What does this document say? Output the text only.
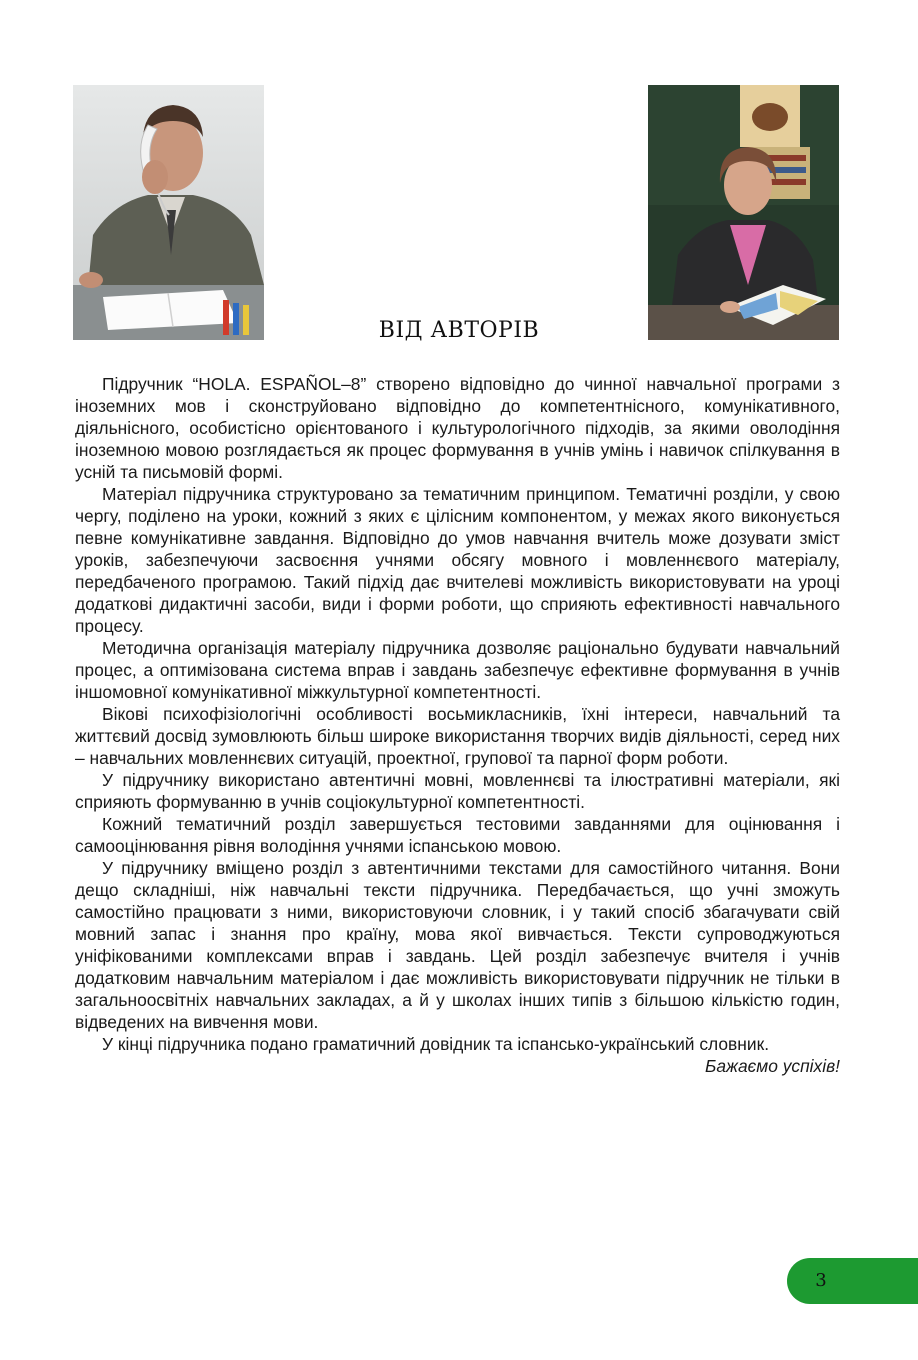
ВІД АВТОРІВ

Підручник “HOLA. ESPAÑOL–8” створено відповідно до чинної навчальної програми з іноземних мов і сконструйовано відповідно до компетентнісного, комунікативного, діяльнісного, особистісно орієнтованого і культурологічного підходів, за якими оволодіння іноземною мовою розглядається як процес формування в учнів умінь і навичок спілкування в усній та письмовій формі.

Матеріал підручника структуровано за тематичним принципом. Тематичні розділи, у свою чергу, поділено на уроки, кожний з яких є цілісним компонентом, у межах якого виконується певне комунікативне завдання. Відповідно до умов навчання вчитель може дозувати зміст уроків, забезпечуючи засвоєння учнями обсягу мовного і мовленнєвого матеріалу, передбаченого програмою. Такий підхід дає вчителеві можливість використовувати на уроці додаткові дидактичні засоби, види і форми роботи, що сприяють ефективності навчального процесу.

Методична організація матеріалу підручника дозволяє раціонально будувати навчальний процес, а оптимізована система вправ і завдань забезпечує ефективне формування в учнів іншомовної комунікативної міжкультурної компетентності.

Вікові психофізіологічні особливості восьмикласників, їхні інтереси, навчальний та життєвий досвід зумовлюють більш широке використання творчих видів діяльності, серед них – навчальних мовленнєвих ситуацій, проектної, групової та парної форм роботи.

У підручнику використано автентичні мовні, мовленнєві та ілюстративні матеріали, які сприяють формуванню в учнів соціокультурної компетентності.

Кожний тематичний розділ завершується тестовими завданнями для оцінювання і самооцінювання рівня володіння учнями іспанською мовою.

У підручнику вміщено розділ з автентичними текстами для самостійного читання. Вони дещо складніші, ніж навчальні тексти підручника. Передбачається, що учні зможуть самостійно працювати з ними, використовуючи словник, і у такий спосіб збагачувати свій мовний запас і знання про країну, мова якої вивчається. Тексти супроводжуються уніфікованими комплексами вправ і завдань. Цей розділ забезпечує вчителя і учнів додатковим навчальним матеріалом і дає можливість використовувати підручник не тільки в загальноосвітніх навчальних закладах, а й у школах інших типів з більшою кількістю годин, відведених на вивчення мови.

У кінці підручника подано граматичний довідник та іспансько-український словник.

Бажаємо успіхів!

3
